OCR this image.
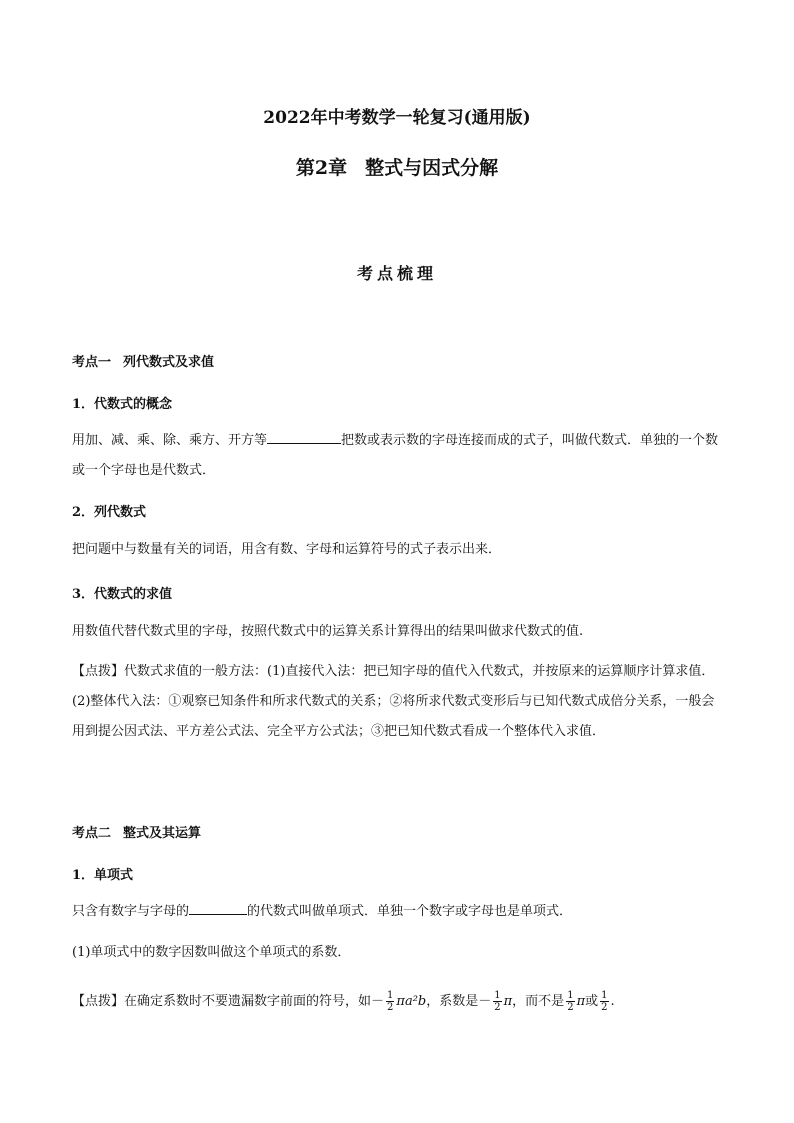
2022年中考数学一轮复习(通用版)
第2章 整式与因式分解
考点梳理
考点一 列代数式及求值
1．代数式的概念
用加、减、乘、除、乘方、开方等	把数或表示数的字母连接而成的式子，叫做代数式．单独的一个数或一个字母也是代数式．
2．列代数式
把问题中与数量有关的词语，用含有数、字母和运算符号的式子表示出来．
3．代数式的求值
用数值代替代数式里的字母，按照代数式中的运算关系计算得出的结果叫做求代数式的值.
【点拨】代数式求值的一般方法：(1)直接代入法：把已知字母的值代入代数式，并按原来的运算顺序计算求值．(2)整体代入法：①观察已知条件和所求代数式的关系；②将所求代数式变形后与已知代数式成倍分关系，一般会用到提公因式法、平方差公式法、完全平方公式法；③把已知代数式看成一个整体代入求值．
考点二 整式及其运算
1．单项式
只含有数字与字母的	的代数式叫做单项式．单独一个数字或字母也是单项式．
(1)单项式中的数字因数叫做这个单项式的系数．
【点拨】在确定系数时不要遗漏数字前面的符号，如－ $\frac{1}{2} \pi a^2b$，系数是－ $\frac{1}{2}$ π，而不是 $\frac{1}{2}$ π或 $\frac{1}{2}$ .
